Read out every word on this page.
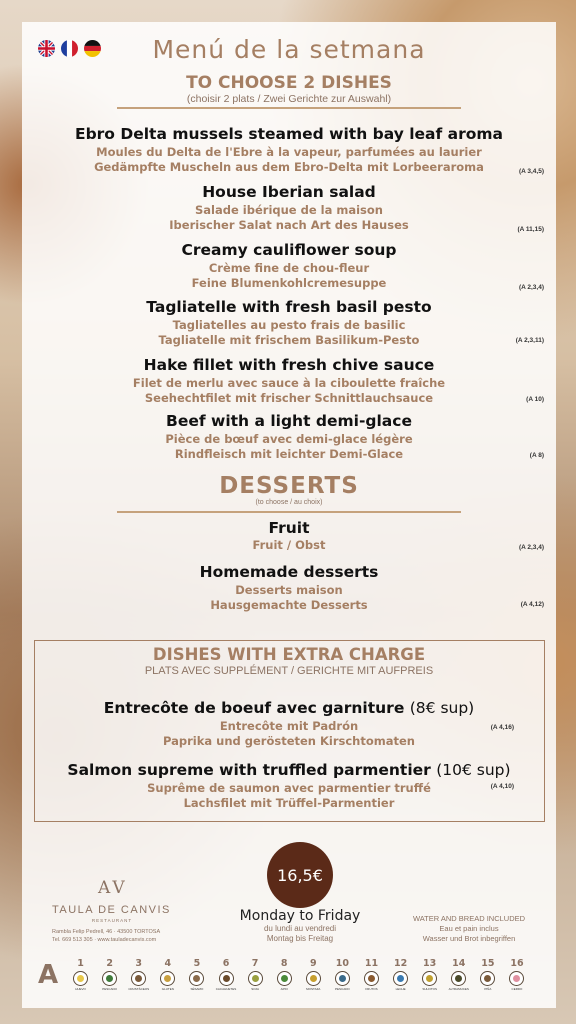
Menú de la setmana
TO CHOOSE 2 DISHES
(choisir 2 plats / Zwei Gerichte zur Auswahl)
Ebro Delta mussels steamed with bay leaf aroma
Moules du Delta de l'Ebre à la vapeur, parfumées au laurier
Gedämpfte Muscheln aus dem Ebro-Delta mit Lorbeeraroma	(A 3,4,5)
House Iberian salad
Salade ibérique de la maison
Iberischer Salat nach Art des Hauses	(A 11,15)
Creamy cauliflower soup
Crème fine de chou-fleur
Feine Blumenkohlcremesuppe	(A 2,3,4)
Tagliatelle with fresh basil pesto
Tagliatelles au pesto frais de basilic
Tagliatelle mit frischem Basilikum-Pesto	(A 2,3,11)
Hake fillet with fresh chive sauce
Filet de merlu avec sauce à la ciboulette fraîche
Seehechtfilet mit frischer Schnittlauchsauce	(A 10)
Beef with a light demi-glace
Pièce de bœuf avec demi-glace légère
Rindfleisch mit leichter Demi-Glace	(A 8)
DESSERTS
(to choose / au choix)
Fruit
Fruit / Obst	(A 2,3,4)
Homemade desserts
Desserts maison
Hausgemachte Desserts	(A 4,12)
DISHES WITH EXTRA CHARGE
PLATS AVEC SUPPLÉMENT / GERICHTE MIT AUFPREIS
Entrecôte de boeuf avec garniture (8€ sup)
Entrecôte mit Padrón
Paprika und gerösteten Kirschtomaten
(A 4,16)
Salmon supreme with truffled parmentier (10€ sup)
Suprême de saumon avec parmentier truffé
Lachsfilet mit Trüffel-Parmentier
(A 4,10)
AV
TAULA DE CANVIS
RESTAURANT
Rambla Felip Pedrell, 46 · 43500 TORTOSA
Tel. 669 513 305 · www.tauladecanvis.com
16,5€
Monday to Friday
du lundi au vendredi
Montag bis Freitag
WATER AND BREAD INCLUDED
Eau et pain inclus
Wasser und Brot inbegriffen
A	1
HUEVO
2
PESCADO
3
CRUSTÁCEOS
4
GLUTEN
5
SÉSAMO
6
CACAHUETES
7
SOJA
8
APIO
9
MOSTAZA
10
PESCADO
11
FRUTOS
12
LECHE
13
SULFITOS
14
ALTRAMUCES
15
PIÑA
16
CERDO
